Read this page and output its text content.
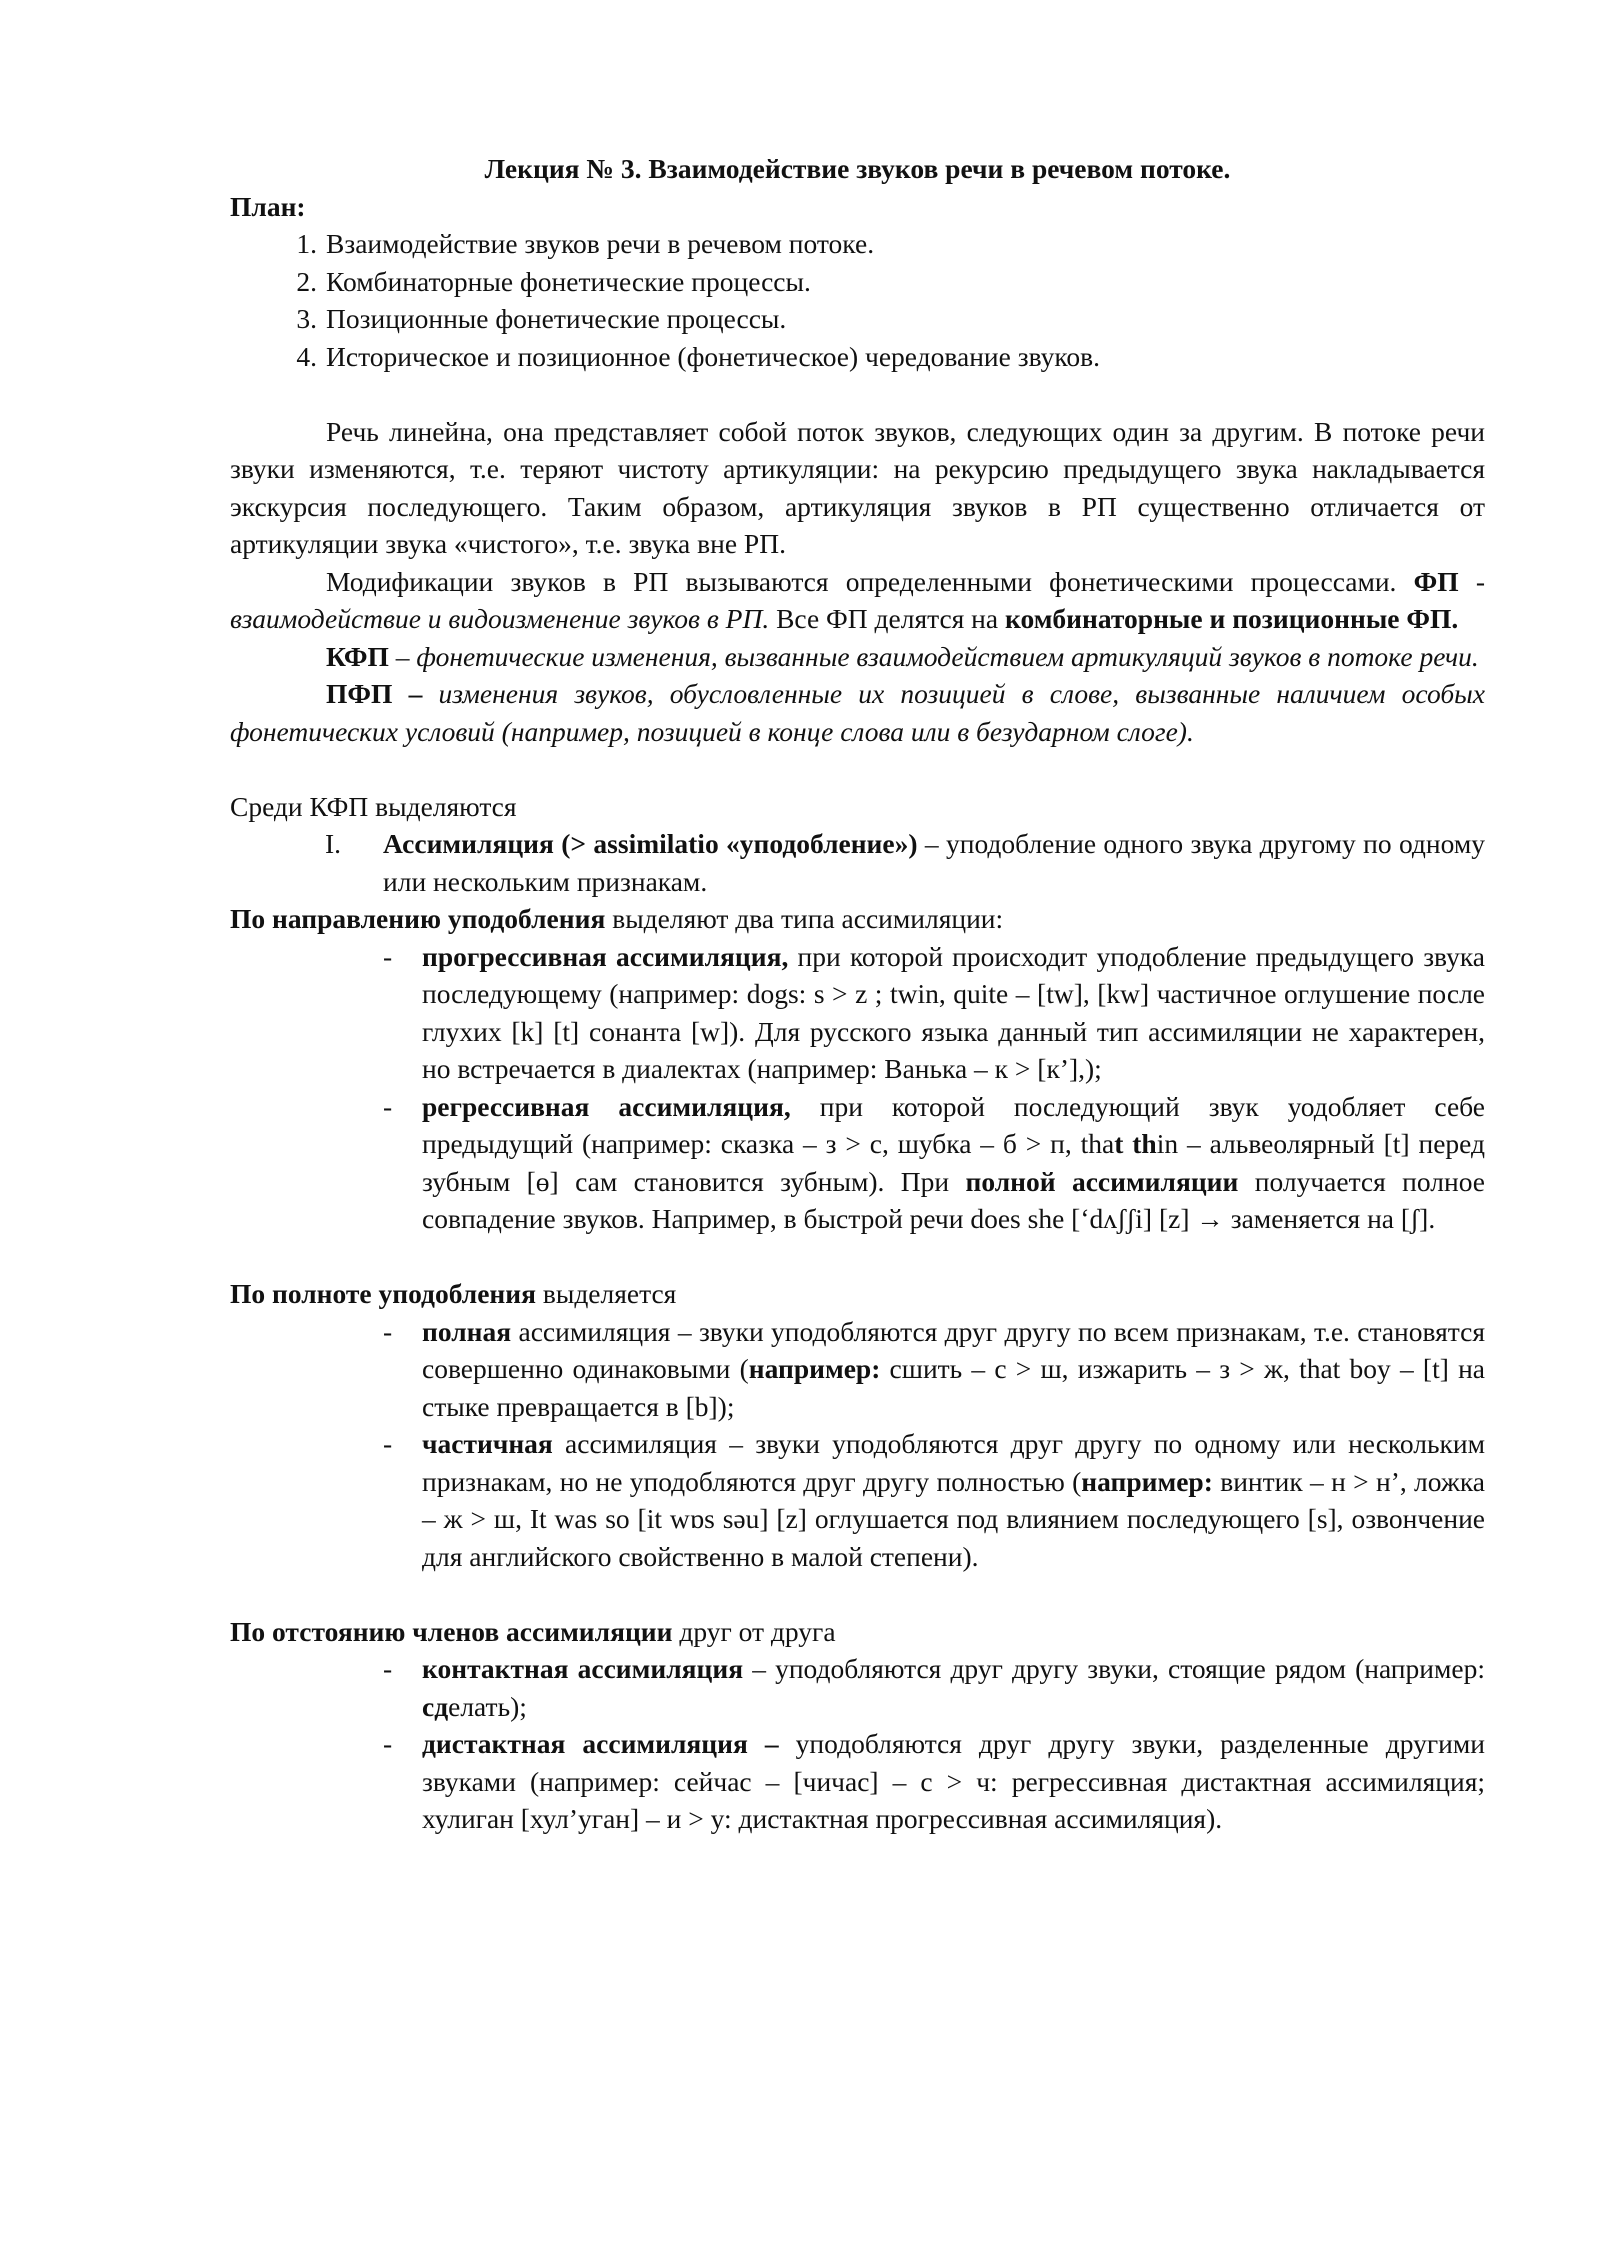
Лекция № 3. Взаимодействие звуков речи в речевом потоке.

План:

1. Взаимодействие звуков речи в речевом потоке.
2. Комбинаторные фонетические процессы.
3. Позиционные фонетические процессы.
4. Историческое и позиционное (фонетическое) чередование звуков.

Речь линейна, она представляет собой поток звуков, следующих один за другим. В потоке речи звуки изменяются, т.е. теряют чистоту артикуляции: на рекурсию предыдущего звука накладывается экскурсия последующего. Таким образом, артикуляция звуков в РП существенно отличается от артикуляции звука «чистого», т.е. звука вне РП.

Модификации звуков в РП вызываются определенными фонетическими процессами. ФП - взаимодействие и видоизменение звуков в РП. Все ФП делятся на комбинаторные и позиционные ФП.

КФП – фонетические изменения, вызванные взаимодействием артикуляций звуков в потоке речи.

ПФП – изменения звуков, обусловленные их позицией в слове, вызванные наличием особых фонетических условий (например, позицией в конце слова или в безударном слоге).

Среди КФП выделяются

I. Ассимиляция (> assimilatio «уподобление») – уподобление одного звука другому по одному или нескольким признакам.

По направлению уподобления выделяют два типа ассимиляции:

- прогрессивная ассимиляция, при которой происходит уподобление предыдущего звука последующему (например: dogs: s > z ; twin, quite – [tw], [kw] частичное оглушение после глухих [k] [t] сонанта [w]). Для русского языка данный тип ассимиляции не характерен, но встречается в диалектах (например: Ванька – к > [к’],);
- регрессивная ассимиляция, при которой последующий звук уодобляет себе предыдущий (например: сказка – з > с, шубка – б > п, that thin – альвеолярный [t] перед зубным [ɵ] сам становится зубным). При полной ассимиляции получается полное совпадение звуков. Например, в быстрой речи does she [‘dʌʃʃi] [z] → заменяется на [ʃ].

По полноте уподобления выделяется

- полная ассимиляция – звуки уподобляются друг другу по всем признакам, т.е. становятся совершенно одинаковыми (например: сшить – с > ш, изжарить – з > ж, that boy – [t] на стыке превращается в [b]);
- частичная ассимиляция – звуки уподобляются друг другу по одному или нескольким признакам, но не уподобляются друг другу полностью (например: винтик – н > н’, ложка – ж > ш, It was so [it wɒs səu] [z] оглушается под влиянием последующего [s], озвончение для английского свойственно в малой степени).

По отстоянию членов ассимиляции друг от друга

- контактная ассимиляция – уподобляются друг другу звуки, стоящие рядом (например: сделать);
- дистактная ассимиляция – уподобляются друг другу звуки, разделенные другими звуками (например: сейчас – [чичас] – с > ч: регрессивная дистактная ассимиляция; хулиган [хул’уган] – и > у: дистактная прогрессивная ассимиляция).
